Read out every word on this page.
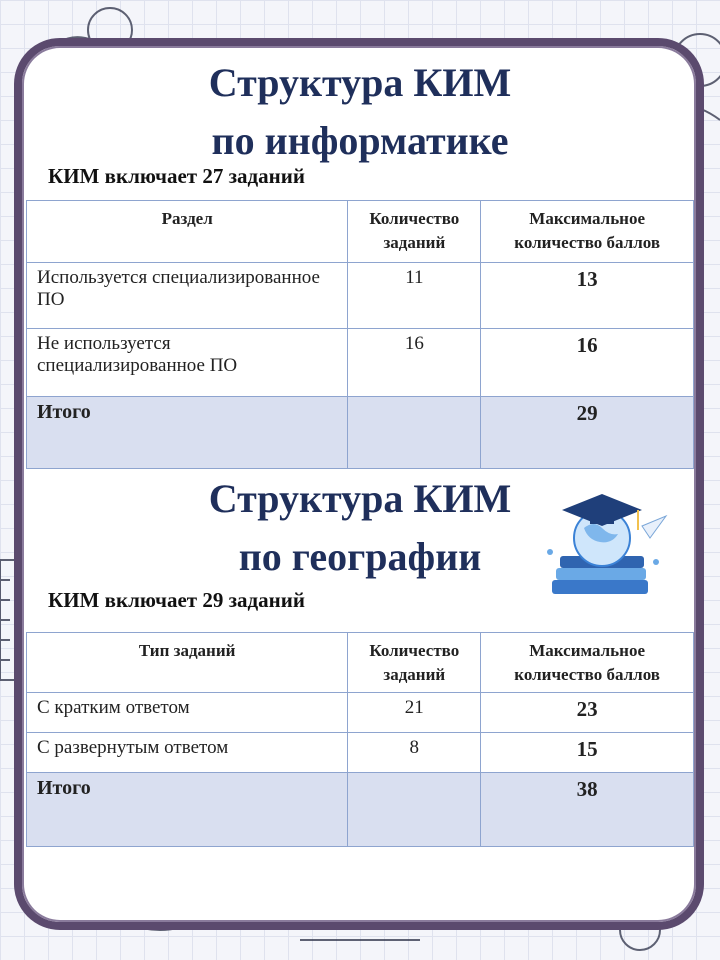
Структура КИМ
по информатике
КИМ включает 27 заданий
Раздел	Количество заданий	Максимальное количество баллов
Используется специализированное ПО	11	13
Не используется специализированное ПО	16	16
Итого		29
Структура КИМ
по географии
КИМ включает 29 заданий
Тип заданий	Количество заданий	Максимальное количество баллов
С кратким ответом	21	23
С развернутым ответом	8	15
Итого		38
